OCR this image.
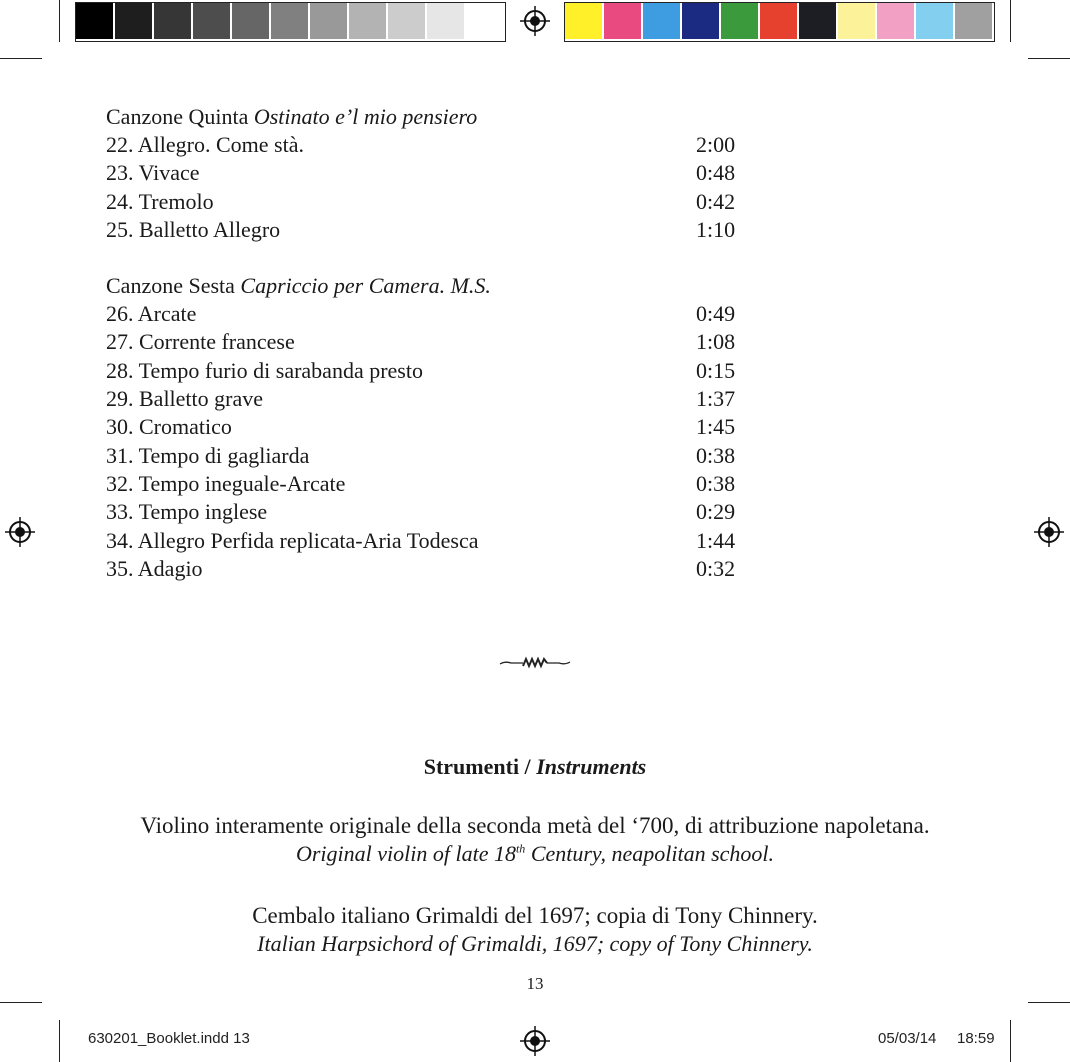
Canzone Quinta Ostinato e’l mio pensiero
22. Allegro. Come stà.	2:00
23. Vivace	0:48
24. Tremolo	0:42
25. Balletto Allegro	1:10
Canzone Sesta Capriccio per Camera. M.S.
26. Arcate	0:49
27. Corrente francese	1:08
28. Tempo furio di sarabanda presto	0:15
29. Balletto grave	1:37
30. Cromatico	1:45
31. Tempo di gagliarda	0:38
32. Tempo ineguale-Arcate	0:38
33. Tempo inglese	0:29
34. Allegro Perfida replicata-Aria Todesca	1:44
35. Adagio	0:32
Strumenti / Instruments
Violino interamente originale della seconda metà del ‘700, di attribuzione napoletana.
Original violin of late 18th Century, neapolitan school.
Cembalo italiano Grimaldi del 1697; copia di Tony Chinnery.
Italian Harpsichord of Grimaldi, 1697; copy of Tony Chinnery.
13
630201_Booklet.indd 13	05/03/14 18:59
